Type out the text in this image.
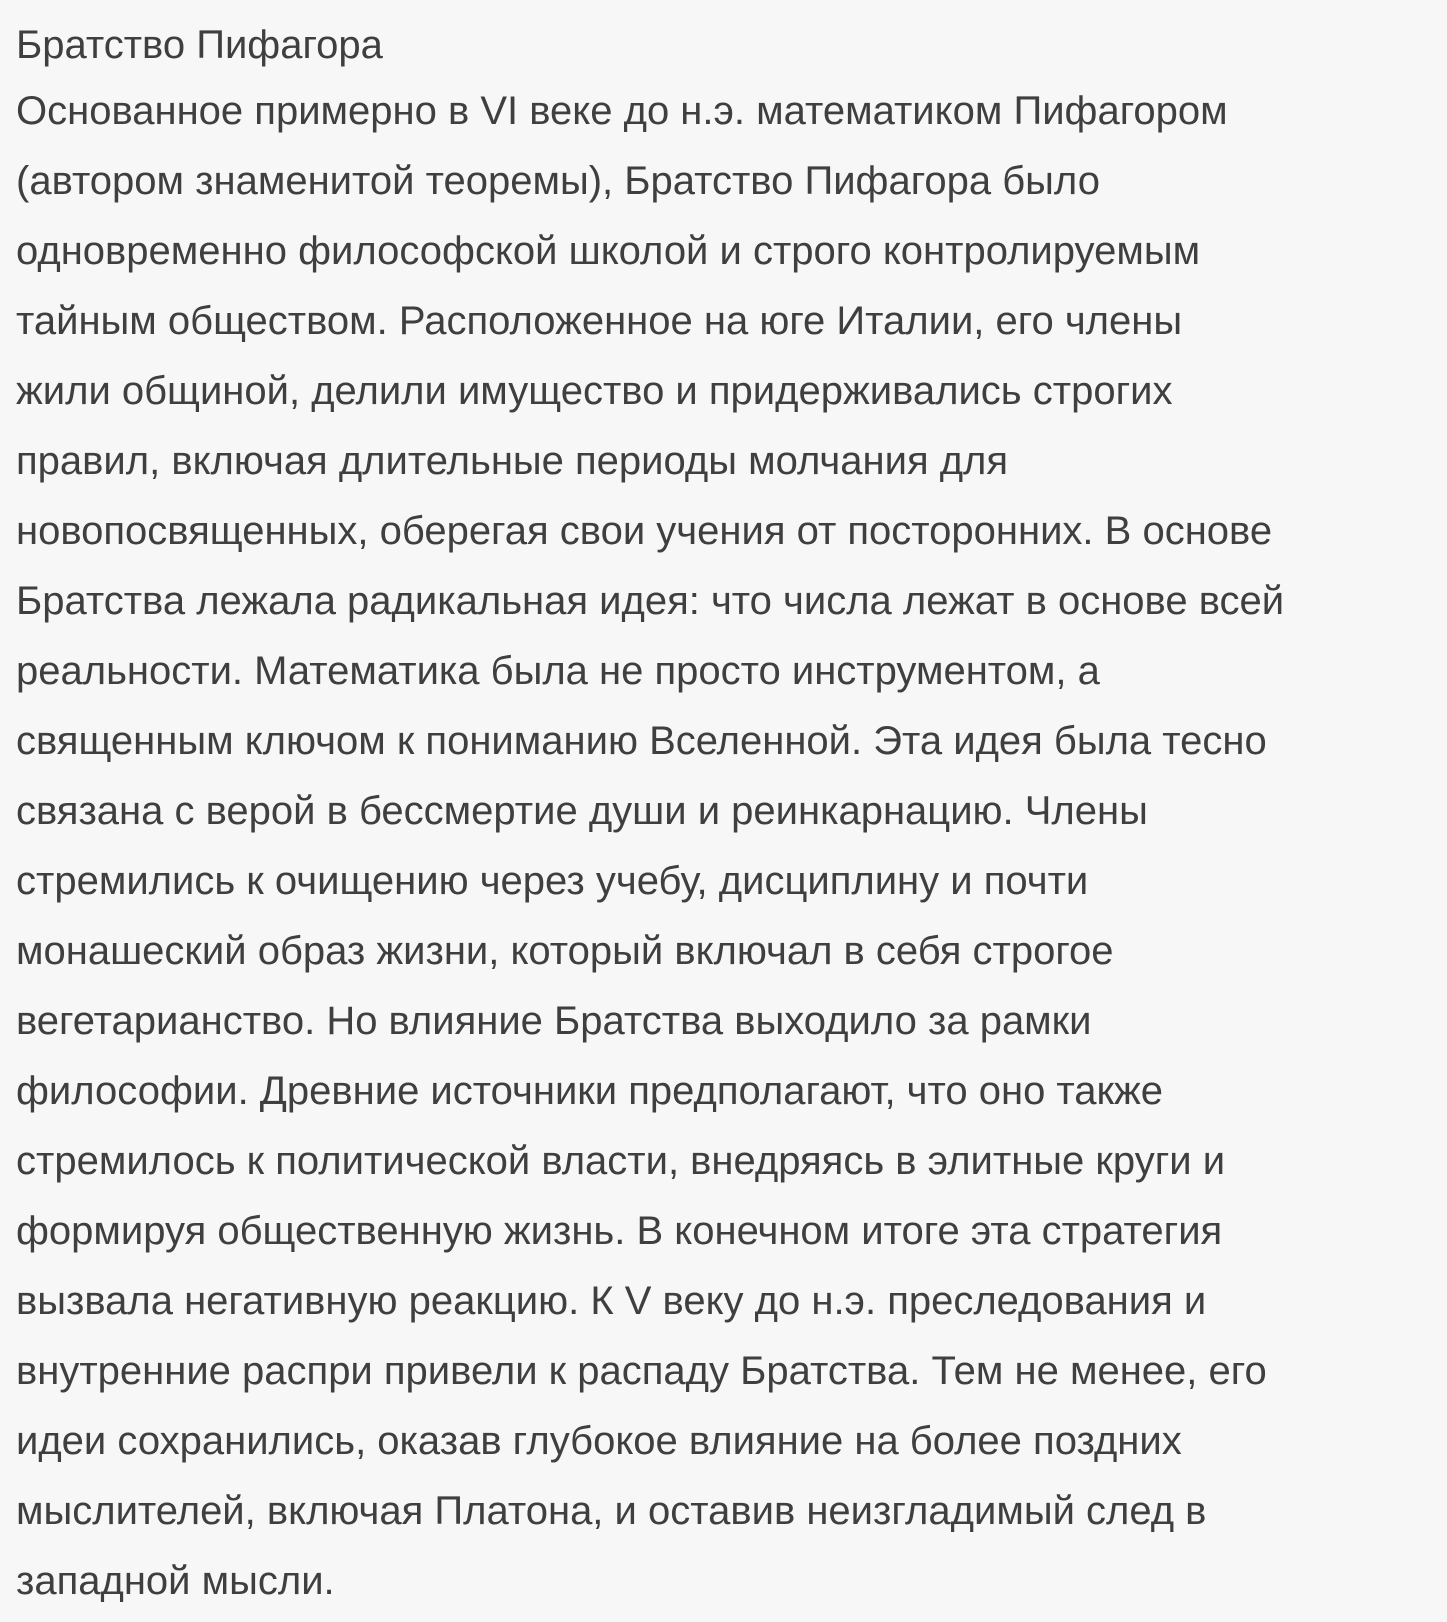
Братство Пифагора

Основанное примерно в VI веке до н.э. математиком Пифагором
(автором знаменитой теоремы), Братство Пифагора было
одновременно философской школой и строго контролируемым
тайным обществом. Расположенное на юге Италии, его члены
жили общиной, делили имущество и придерживались строгих
правил, включая длительные периоды молчания для
новопосвященных, оберегая свои учения от посторонних. В основе
Братства лежала радикальная идея: что числа лежат в основе всей
реальности. Математика была не просто инструментом, а
священным ключом к пониманию Вселенной. Эта идея была тесно
связана с верой в бессмертие души и реинкарнацию. Члены
стремились к очищению через учебу, дисциплину и почти
монашеский образ жизни, который включал в себя строгое
вегетарианство. Но влияние Братства выходило за рамки
философии. Древние источники предполагают, что оно также
стремилось к политической власти, внедряясь в элитные круги и
формируя общественную жизнь. В конечном итоге эта стратегия
вызвала негативную реакцию. К V веку до н.э. преследования и
внутренние распри привели к распаду Братства. Тем не менее, его
идеи сохранились, оказав глубокое влияние на более поздних
мыслителей, включая Платона, и оставив неизгладимый след в
западной мысли.
